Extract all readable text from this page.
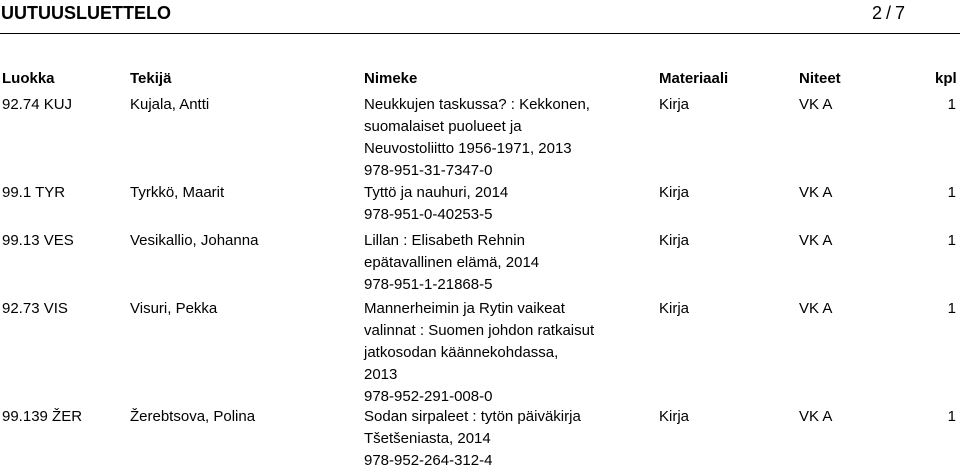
UUTUUSLUETTELO	2 / 7
Luokka	Tekijä	Nimeke	Materiaali	Niteet	kpl
92.74 KUJ	Kujala, Antti	Neukkujen taskussa? : Kekkonen,
suomalaiset puolueet ja
Neuvostoliitto 1956-1971, 2013
978-951-31-7347-0
Kirja	VK A	1
99.1 TYR	Tyrkkö, Maarit	Tyttö ja nauhuri, 2014
978-951-0-40253-5
Kirja	VK A	1
99.13 VES	Vesikallio, Johanna	Lillan : Elisabeth Rehnin
epätavallinen elämä, 2014
978-951-1-21868-5
Kirja	VK A	1
92.73 VIS	Visuri, Pekka	Mannerheimin ja Rytin vaikeat
valinnat : Suomen johdon ratkaisut
jatkosodan käännekohdassa,
2013
978-952-291-008-0
Kirja	VK A	1
99.139 ŽER	Žerebtsova, Polina	Sodan sirpaleet : tytön päiväkirja
Tšetšeniasta, 2014
978-952-264-312-4
Kirja	VK A	1
